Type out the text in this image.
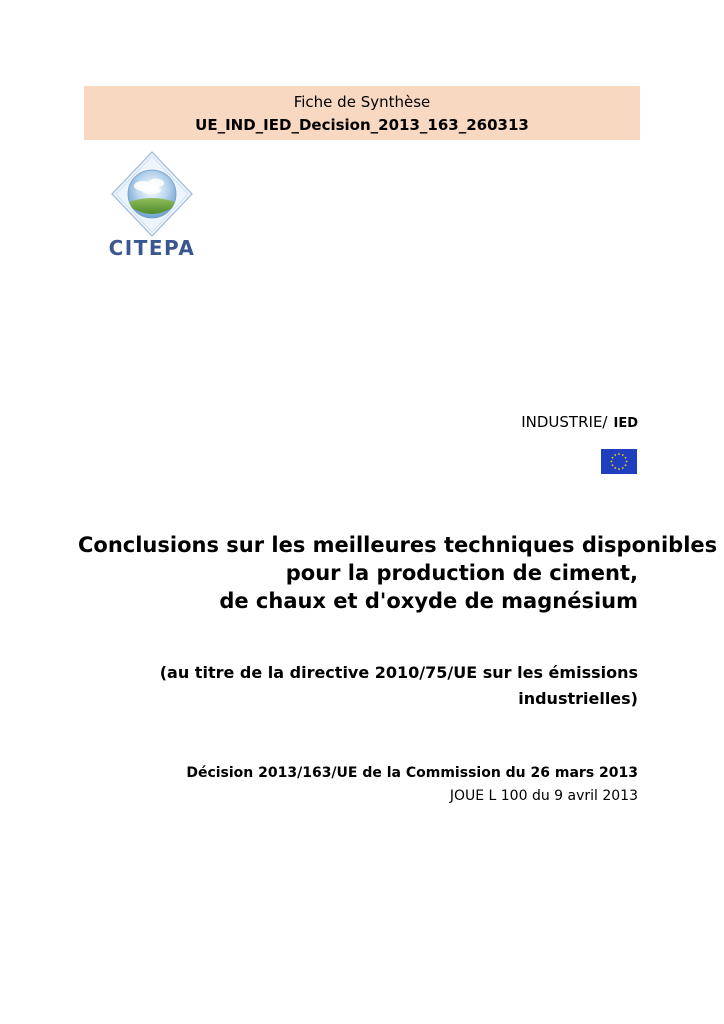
Fiche de Synthèse
UE_IND_IED_Decision_2013_163_260313
CITEPA
INDUSTRIE/ IED
Conclusions sur les meilleures techniques disponibles
pour la production de ciment,
de chaux et d'oxyde de magnésium
(au titre de la directive 2010/75/UE sur les émissions
industrielles)
Décision 2013/163/UE de la Commission du 26 mars 2013
JOUE L 100 du 9 avril 2013
